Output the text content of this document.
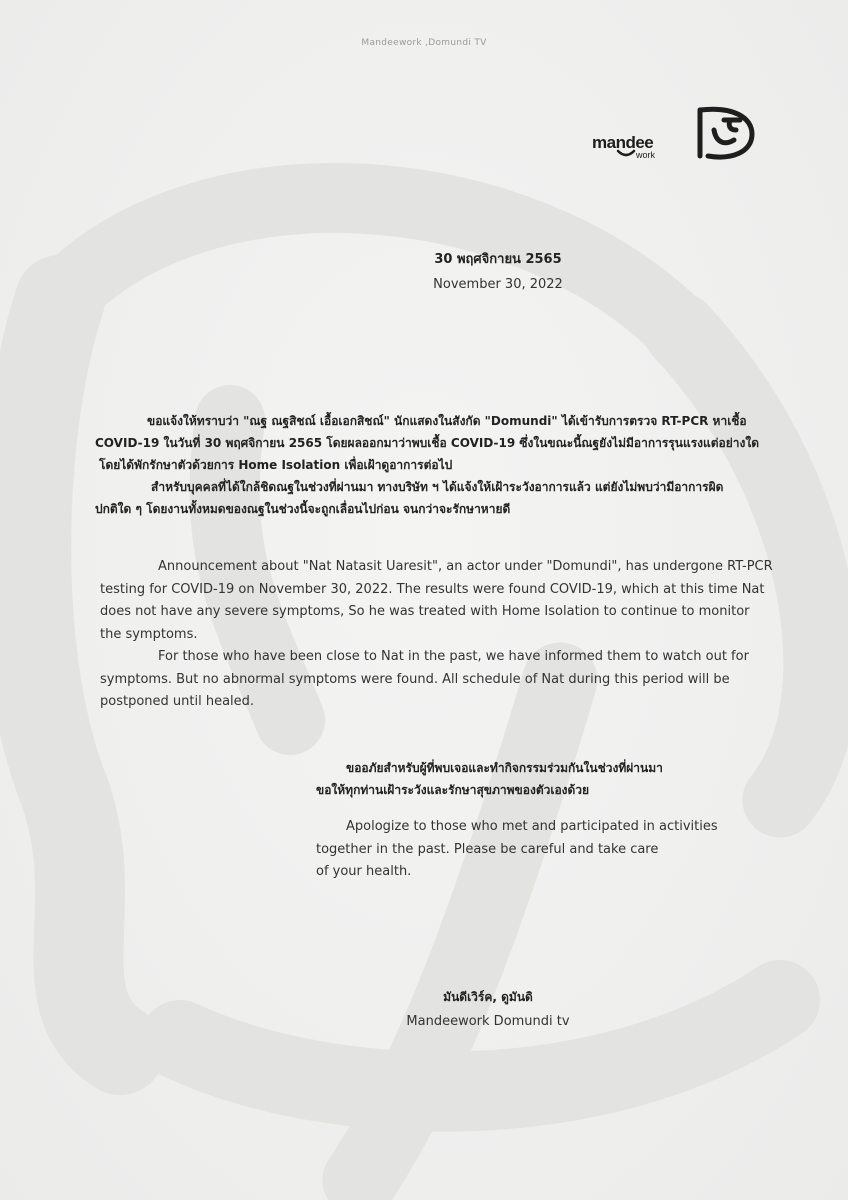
Mandeework ,Domundi TV
mandee
work
30 พฤศจิกายน 2565
November 30, 2022

ขอแจ้งให้ทราบว่า "ณฐ ณฐสิชณ์ เอื้อเอกสิชณ์" นักแสดงในสังกัด "Domundi" ได้เข้ารับการตรวจ RT-PCR หาเชื้อ

COVID-19 ในวันที่ 30 พฤศจิกายน 2565 โดยผลออกมาว่าพบเชื้อ COVID-19 ซึ่งในขณะนี้ณฐยังไม่มีอาการรุนแรงแต่อย่างใด

โดยได้พักรักษาตัวด้วยการ Home Isolation เพื่อเฝ้าดูอาการต่อไป

สำหรับบุคคลที่ได้ใกล้ชิดณฐในช่วงที่ผ่านมา ทางบริษัท ฯ ได้แจ้งให้เฝ้าระวังอาการแล้ว แต่ยังไม่พบว่ามีอาการผิด

ปกติใด ๆ โดยงานทั้งหมดของณฐในช่วงนี้จะถูกเลื่อนไปก่อน จนกว่าจะรักษาหายดี

Announcement about "Nat Natasit Uaresit", an actor under "Domundi", has undergone RT-PCR

testing for COVID-19 on November 30, 2022. The results were found COVID-19, which at this time Nat

does not have any severe symptoms, So he was treated with Home Isolation to continue to monitor

the symptoms.

For those who have been close to Nat in the past, we have informed them to watch out for

symptoms. But no abnormal symptoms were found. All schedule of Nat during this period will be

postponed until healed.

ขออภัยสำหรับผู้ที่พบเจอและทำกิจกรรมร่วมกันในช่วงที่ผ่านมา
ขอให้ทุกท่านเฝ้าระวังและรักษาสุขภาพของตัวเองด้วย
Apologize to those who met and participated in activities
together in the past. Please be careful and take care
of your health.
มันดีเวิร์ค, ดูมันดิ
Mandeework Domundi tv
